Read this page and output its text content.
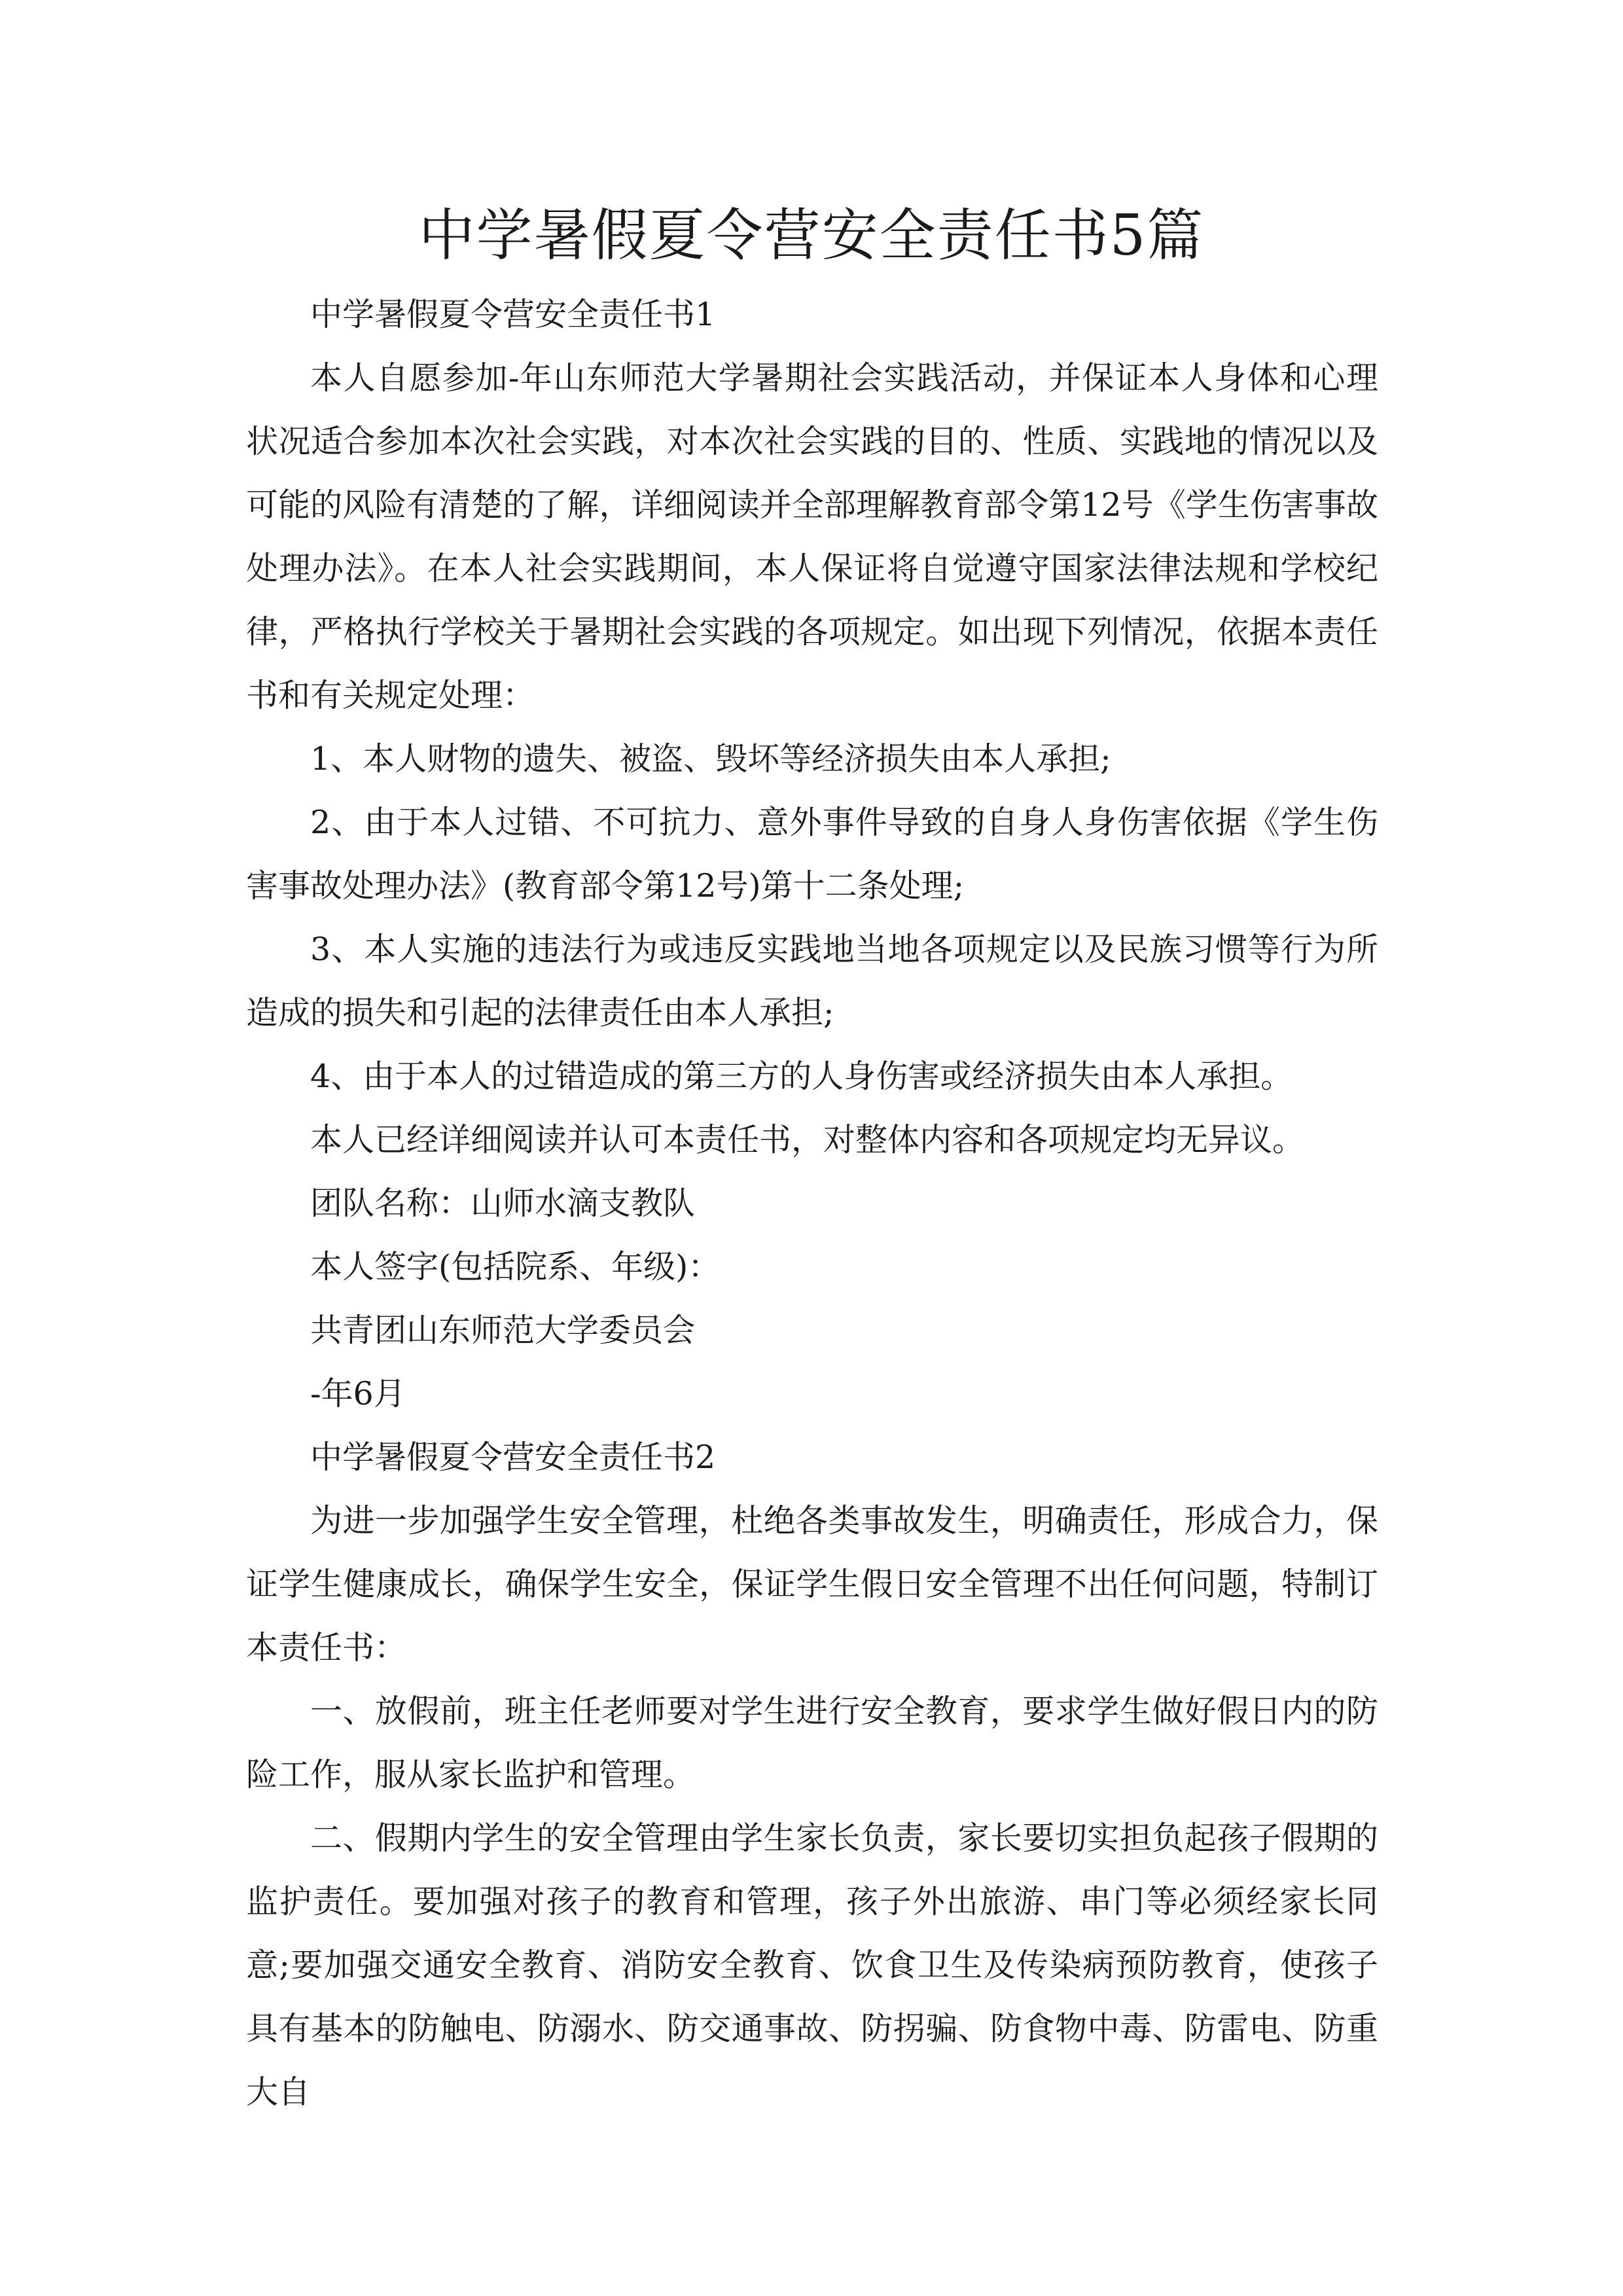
中学暑假夏令营安全责任书5篇

中学暑假夏令营安全责任书1

本人自愿参加-年山东师范大学暑期社会实践活动，并保证本人身体和心理状况适合参加本次社会实践，对本次社会实践的目的、性质、实践地的情况以及可能的风险有清楚的了解，详细阅读并全部理解教育部令第12号《学生伤害事故处理办法》。在本人社会实践期间，本人保证将自觉遵守国家法律法规和学校纪律，严格执行学校关于暑期社会实践的各项规定。如出现下列情况，依据本责任书和有关规定处理：

1、本人财物的遗失、被盗、毁坏等经济损失由本人承担;

2、由于本人过错、不可抗力、意外事件导致的自身人身伤害依据《学生伤害事故处理办法》(教育部令第12号)第十二条处理;

3、本人实施的违法行为或违反实践地当地各项规定以及民族习惯等行为所造成的损失和引起的法律责任由本人承担;

4、由于本人的过错造成的第三方的人身伤害或经济损失由本人承担。

本人已经详细阅读并认可本责任书，对整体内容和各项规定均无异议。

团队名称：山师水滴支教队

本人签字(包括院系、年级)：

共青团山东师范大学委员会

-年6月

中学暑假夏令营安全责任书2

为进一步加强学生安全管理，杜绝各类事故发生，明确责任，形成合力，保证学生健康成长，确保学生安全，保证学生假日安全管理不出任何问题，特制订本责任书：

一、放假前，班主任老师要对学生进行安全教育，要求学生做好假日内的防险工作，服从家长监护和管理。

二、假期内学生的安全管理由学生家长负责，家长要切实担负起孩子假期的监护责任。要加强对孩子的教育和管理，孩子外出旅游、串门等必须经家长同意;要加强交通安全教育、消防安全教育、饮食卫生及传染病预防教育，使孩子具有基本的防触电、防溺水、防交通事故、防拐骗、防食物中毒、防雷电、防重大自
